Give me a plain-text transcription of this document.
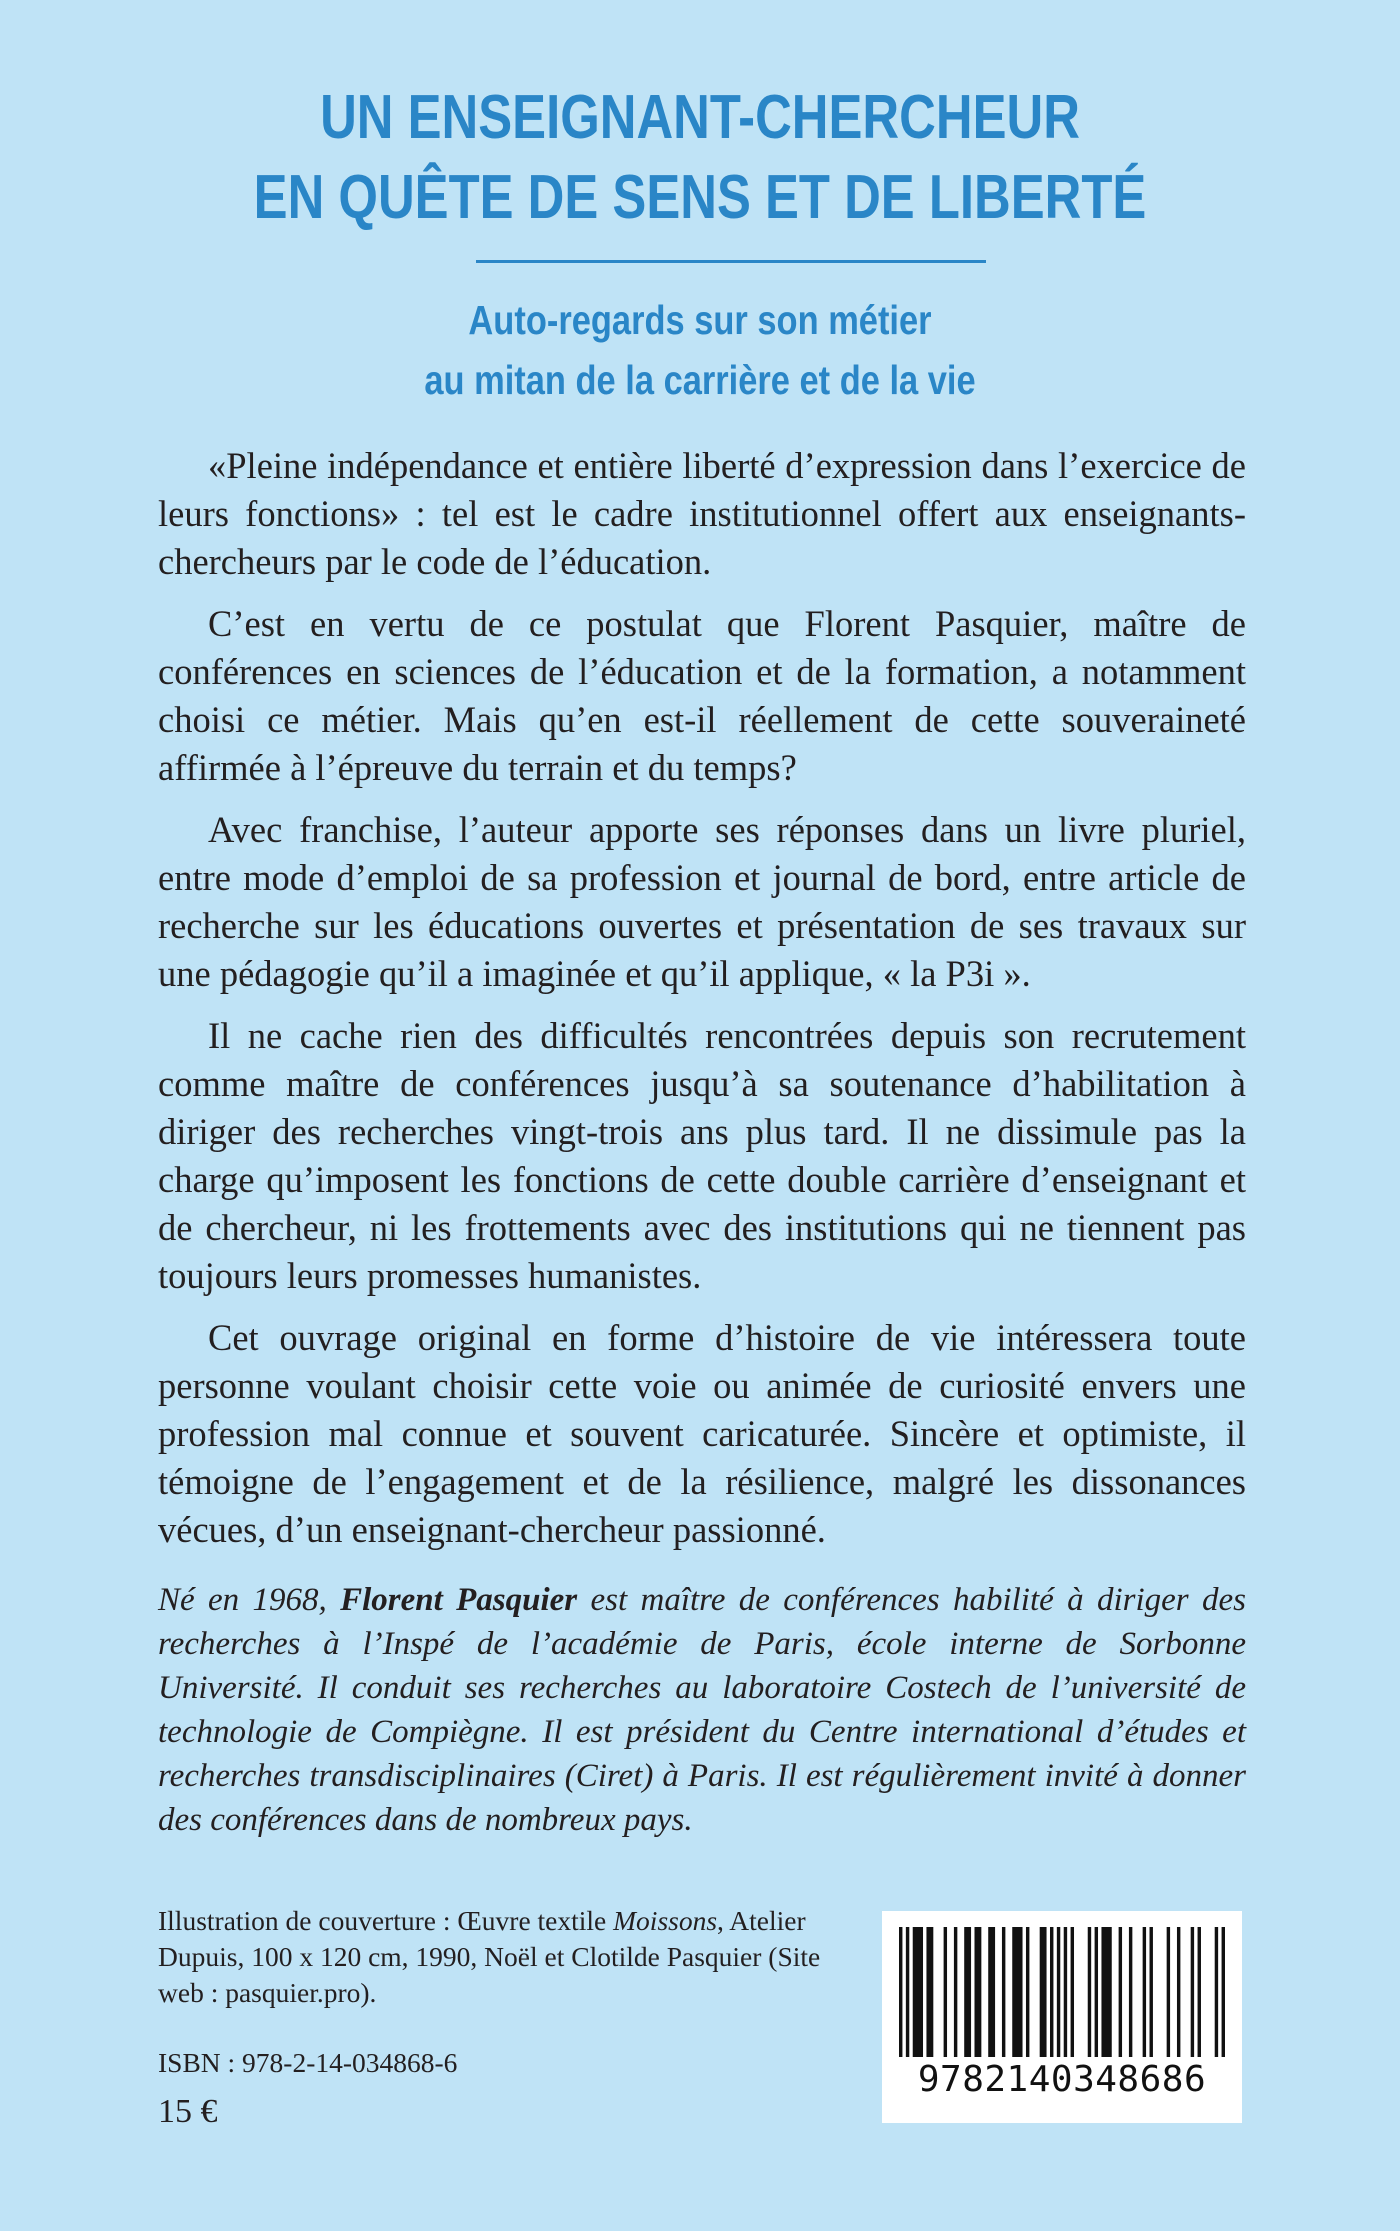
UN ENSEIGNANT-CHERCHEUR
EN QUÊTE DE SENS ET DE LIBERTÉ
Auto-regards sur son métier
au mitan de la carrière et de la vie

«Pleine indépendance et entière liberté d’expression dans l’exercice de leurs fonctions» : tel est le cadre institutionnel offert aux enseignants-chercheurs par le code de l’éducation.

C’est en vertu de ce postulat que Florent Pasquier, maître de conférences en sciences de l’éducation et de la formation, a notamment choisi ce métier. Mais qu’en est-il réellement de cette souveraineté affirmée à l’épreuve du terrain et du temps?

Avec franchise, l’auteur apporte ses réponses dans un livre pluriel, entre mode d’emploi de sa profession et journal de bord, entre article de recherche sur les éducations ouvertes et présentation de ses travaux sur une pédagogie qu’il a imaginée et qu’il applique, « la P3i ».

Il ne cache rien des difficultés rencontrées depuis son recrutement comme maître de conférences jusqu’à sa soutenance d’habilitation à diriger des recherches vingt-trois ans plus tard. Il ne dissimule pas la charge qu’imposent les fonctions de cette double carrière d’enseignant et de chercheur, ni les frottements avec des institutions qui ne tiennent pas toujours leurs promesses humanistes.

Cet ouvrage original en forme d’histoire de vie intéressera toute personne voulant choisir cette voie ou animée de curiosité envers une profession mal connue et souvent caricaturée. Sincère et optimiste, il témoigne de l’engagement et de la résilience, malgré les dissonances vécues, d’un enseignant-chercheur passionné.

Né en 1968, Florent Pasquier est maître de conférences habilité à diriger des recherches à l’Inspé de l’académie de Paris, école interne de Sorbonne Université. Il conduit ses recherches au laboratoire Costech de l’université de technologie de Compiègne. Il est président du Centre international d’études et recherches transdisciplinaires (Ciret) à Paris. Il est régulièrement invité à donner des conférences dans de nombreux pays.
Illustration de couverture : Œuvre textile Moissons, Atelier Dupuis, 100 x 120 cm, 1990, Noël et Clotilde Pasquier (Site web : pasquier.pro).
ISBN : 978-2-14-034868-6
15 €
9782140348686
